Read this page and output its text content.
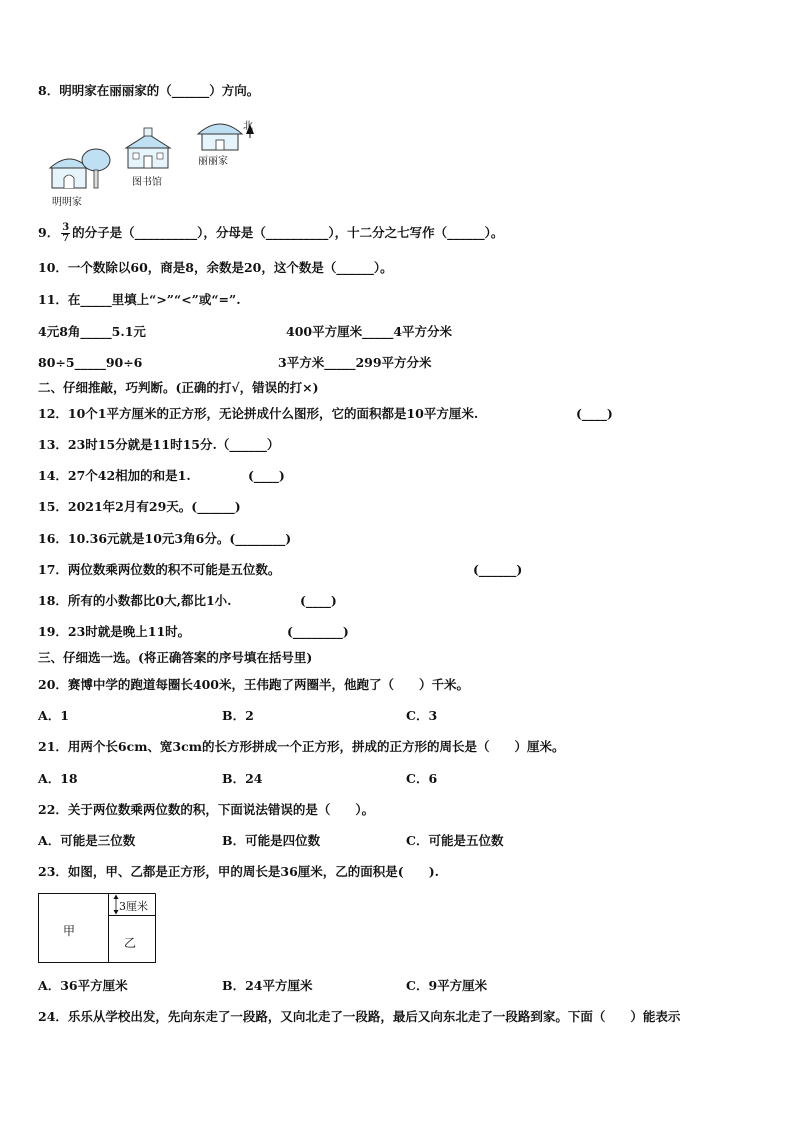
8．明明家在丽丽家的（______）方向。
北
丽丽家
图书馆
明明家
9． $\frac{3}{7}$ 的分子是（__________），分母是（__________），十二分之七写作（______）。
10．一个数除以60，商是8，余数是20，这个数是（______）。
11．在_____里填上“>”“<”或“=”.
4元8角_____5.1元	400平方厘米_____4平方分米
80÷5_____90÷6	3平方米_____299平方分米
二、仔细推敲，巧判断。(正确的打√，错误的打×)
12．10个1平方厘米的正方形，无论拼成什么图形，它的面积都是10平方厘米.	(____)
13．23时15分就是11时15分.（______）
14．27个42相加的和是1.	(____)
15．2021年2月有29天。(______)
16．10.36元就是10元3角6分。(________)
17．两位数乘两位数的积不可能是五位数。	(______)
18．所有的小数都比0大,都比1小.	(____)
19．23时就是晚上11时。	(________)
三、仔细选一选。(将正确答案的序号填在括号里)
20．赛博中学的跑道每圈长400米，王伟跑了两圈半，他跑了（　　）千米。
A．1	B．2	C．3
21．用两个长6cm、宽3cm的长方形拼成一个正方形，拼成的正方形的周长是（　　）厘米。
A．18	B．24	C．6
22．关于两位数乘两位数的积，下面说法错误的是（　　）。
A．可能是三位数	B．可能是四位数	C．可能是五位数
23．如图，甲、乙都是正方形，甲的周长是36厘米，乙的面积是(　　).
甲
乙
3厘米
A．36平方厘米	B．24平方厘米	C．9平方厘米
24．乐乐从学校出发，先向东走了一段路，又向北走了一段路，最后又向东北走了一段路到家。下面（　　）能表示
